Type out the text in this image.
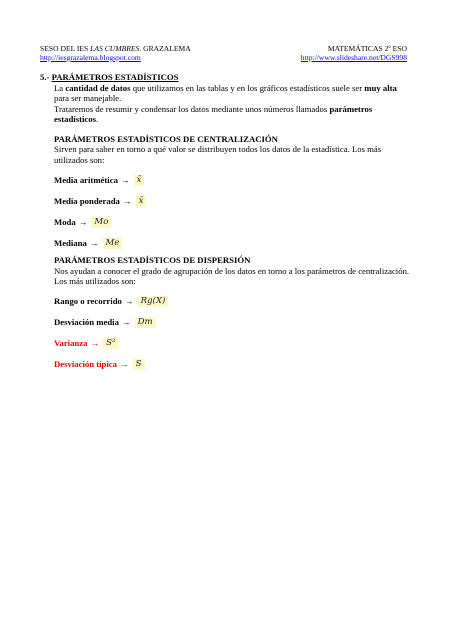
SESO DEL IES LAS CUMBRES. GRAZALEMA
http://iesgrazalema.blogspot.com
MATEMÁTICAS 2º ESO
http://www.slideshare.net/DGS998
5.- PARÁMETROS ESTADÍSTICOS
La cantidad de datos que utilizamos en las tablas y en los gráficos estadísticos suele ser muy alta para ser manejable.
Trataremos de resumir y condensar los datos mediante unos números llamados parámetros estadísticos.
PARÁMETROS ESTADÍSTICOS DE CENTRALIZACIÓN
Sirven para saber en torno a qué valor se distribuyen todos los datos de la estadística. Los más utilizados son:
Media aritmética → x̄
Media ponderada → x̄
Moda → Mo
Mediana → Me
PARÁMETROS ESTADÍSTICOS DE DISPERSIÓN
Nos ayudan a conocer el grado de agrupación de los datos en torno a los parámetros de centralización. Los más utilizados son:
Rango o recorrido → Rg(X)
Desviación media → Dm
Varianza → S²
Desviación típica → S
